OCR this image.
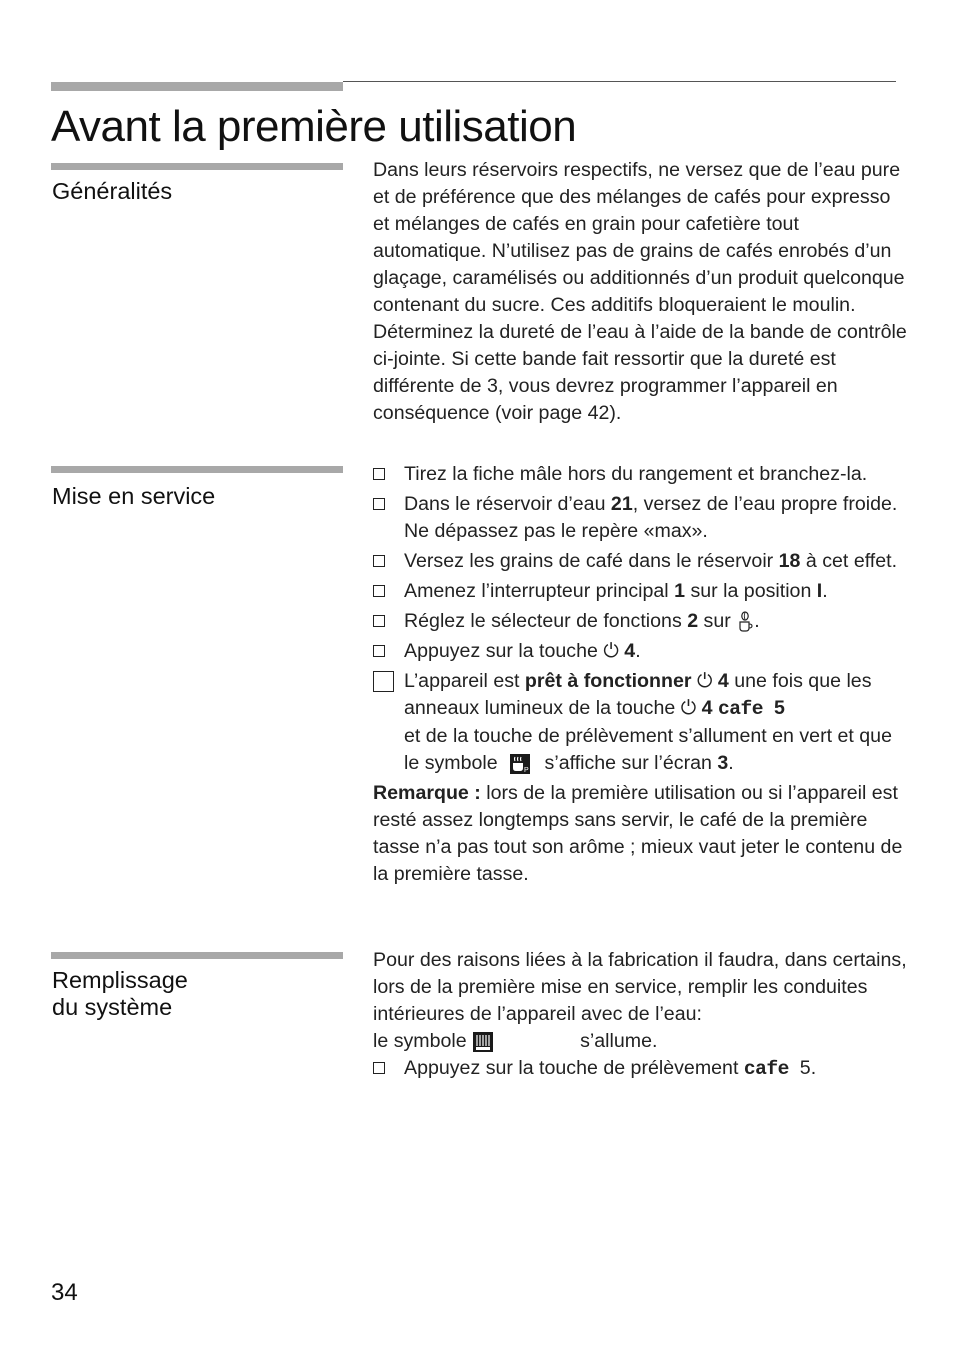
Avant la première utilisation
Généralités

Dans leurs réservoirs respectifs, ne versez que de l’eau pure et de préférence que des mélanges de cafés pour expresso et mélanges de cafés en grain pour cafetière tout automatique. N’utilisez pas de grains de cafés enrobés d’un glaçage, caramélisés ou additionnés d’un produit quelconque contenant du sucre. Ces additifs bloqueraient le moulin. Déterminez la dureté de l’eau à l’aide de la bande de contrôle ci-jointe. Si cette bande fait ressortir que la dureté est différente de 3, vous devrez programmer l’appareil en conséquence (voir page 42).

Mise en service
Tirez la fiche mâle hors du rangement et branchez-la.
Dans le réservoir d’eau 21, versez de l’eau propre froide. Ne dépassez pas le repère «max».
Versez les grains de café dans le réservoir 18 à cet effet.
Amenez l’interrupteur principal 1 sur la position I.
Réglez le sélecteur de fonctions 2 sur .
Appuyez sur la touche ⏻ 4.
L’appareil est prêt à fonctionner ⏻ 4 une fois que les anneaux lumineux de la touche ⏻ 4 cafe 5
et de la touche de prélèvement s’allument en vert et que le symbole	P s’affiche sur l’écran 3.

Remarque : lors de la première utilisation ou si l’appareil est resté assez longtemps sans servir, le café de la première tasse n’a pas tout son arôme ; mieux vaut jeter le contenu de la première tasse.

Remplissage
du système

Pour des raisons liées à la fabrication il faudra, dans certains, lors de la première mise en service, remplir les conduites intérieures de l’appareil avec de l’eau:

le symbole	s’allume.

Appuyez sur la touche de prélèvement cafe 5.
34
